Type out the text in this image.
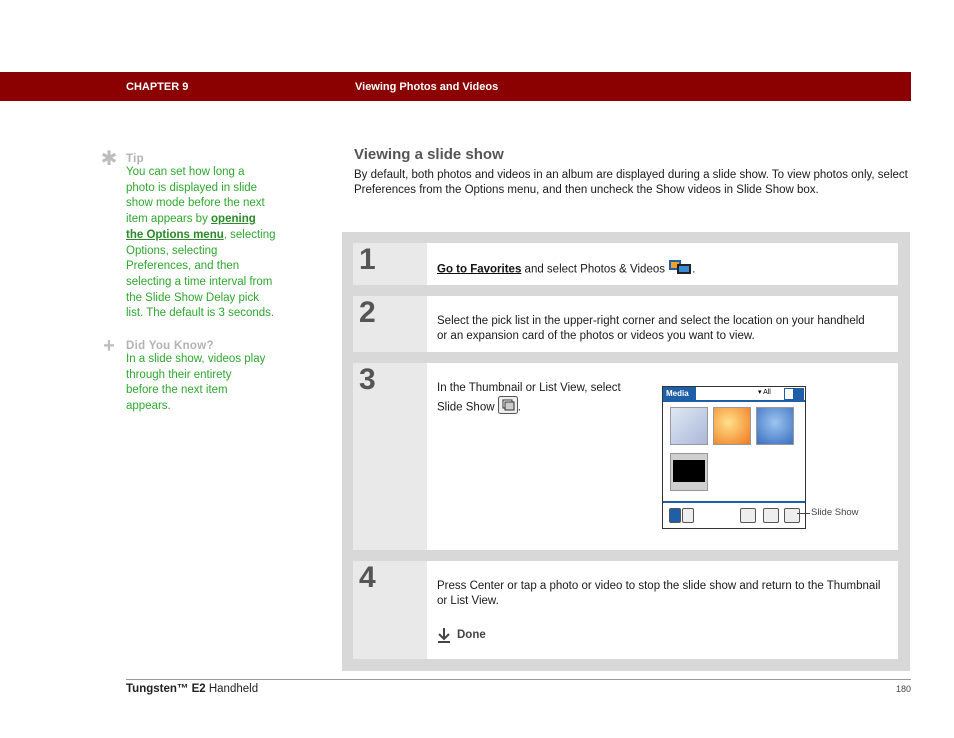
CHAPTER 9	Viewing Photos and Videos
✱ Tip
You can set how long a photo is displayed in slide show mode before the next item appears by opening the Options menu, selecting Options, selecting Preferences, and then selecting a time interval from the Slide Show Delay pick list. The default is 3 seconds.
+ Did You Know?
In a slide show, videos play through their entirety before the next item appears.
Viewing a slide show
By default, both photos and videos in an album are displayed during a slide show. To view photos only, select Preferences from the Options menu, and then uncheck the Show videos in Slide Show box.
1	Go to Favorites and select Photos & Videos .
2	Select the pick list in the upper-right corner and select the location on your handheld or an expansion card of the photos or videos you want to view.
3	In the Thumbnail or List View, select Slide Show .
Media	▾ All
Slide Show
4	Press Center or tap a photo or video to stop the slide show and return to the Thumbnail or List View.
Done
Tungsten™ E2 Handheld	180
